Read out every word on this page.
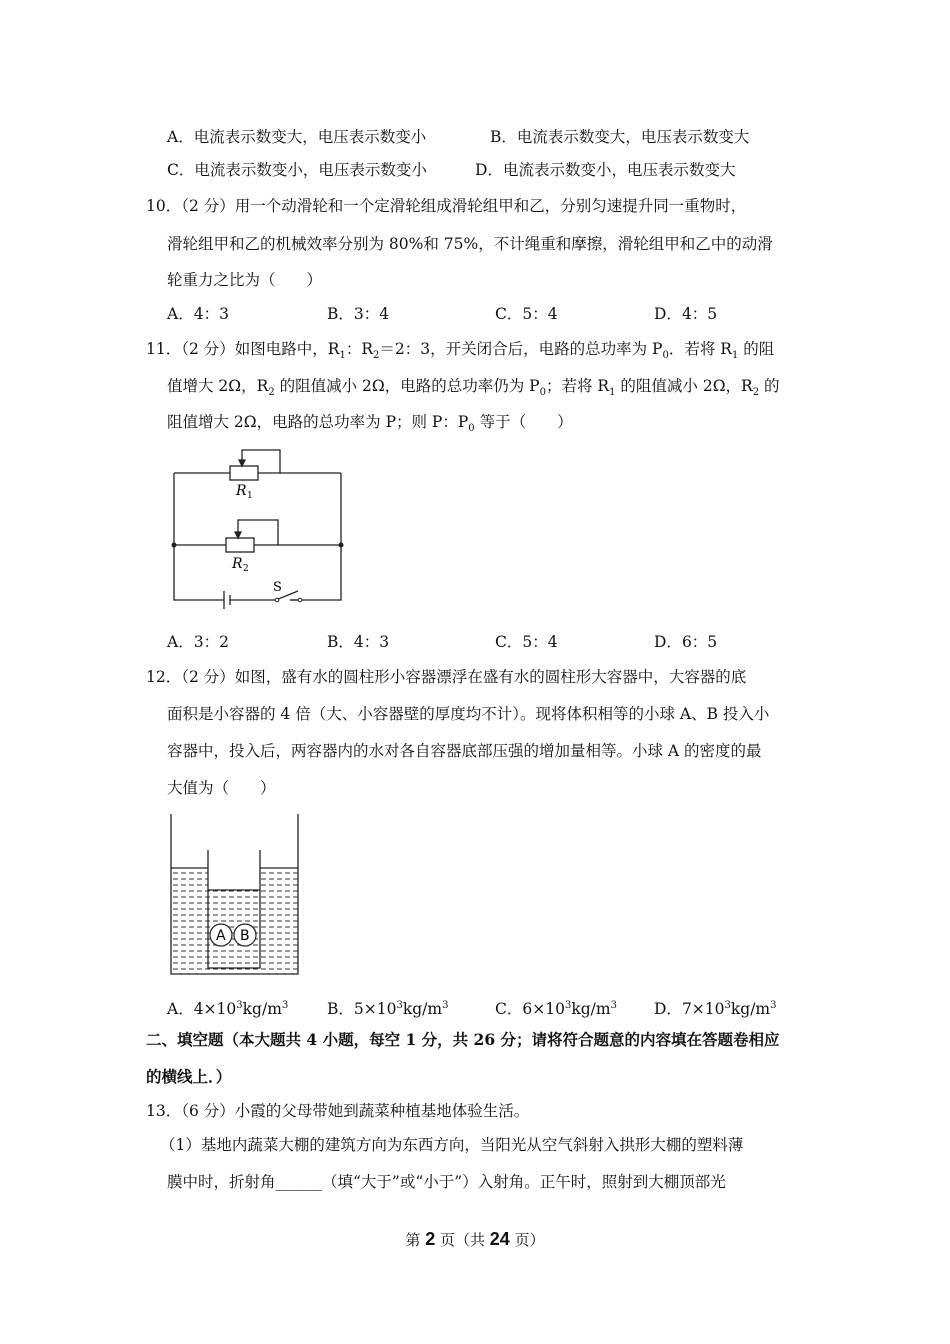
A．电流表示数变大，电压表示数变小	B．电流表示数变大，电压表示数变大
C．电流表示数变小，电压表示数变小	D．电流表示数变小，电压表示数变大
10．（2 分）用一个动滑轮和一个定滑轮组成滑轮组甲和乙，分别匀速提升同一重物时，
滑轮组甲和乙的机械效率分别为 80%和 75%，不计绳重和摩擦，滑轮组甲和乙中的动滑
轮重力之比为（　　）
A．4：3	B．3：4	C．5：4	D．4：5
11．（2 分）如图电路中，$R_1$：$R_2=2$：3，开关闭合后，电路的总功率为 $P_0$．若将 $R_1$ 的阻
值增大 2Ω，$R_2$ 的阻值减小 2Ω，电路的总功率仍为 $P_0$；若将 $R_1$ 的阻值减小 2Ω，$R_2$ 的
阻值增大 2Ω，电路的总功率为 P；则 P：$P_0$ 等于（　　）
R 1
R 2
S
A．3：2	B．4：3	C．5：4	D．6：5
12．（2 分）如图，盛有水的圆柱形小容器漂浮在盛有水的圆柱形大容器中，大容器的底
面积是小容器的 4 倍（大、小容器壁的厚度均不计）。现将体积相等的小球 A、B 投入小
容器中，投入后，两容器内的水对各自容器底部压强的增加量相等。小球 A 的密度的最
大值为（　　）
A B
A．$4\times 10^3kg/m^3$ B．$5\times 10^3kg/m^3$	C．$6\times 10^3kg/m^3$ D．$7\times 10^3kg/m^3$
二、填空题（本大题共 4 小题，每空 1 分，共 26 分；请将符合题意的内容填在答题卷相应
的横线上．）
13．（6 分）小霞的父母带她到蔬菜种植基地体验生活。
（1）基地内蔬菜大棚的建筑方向为东西方向，当阳光从空气斜射入拱形大棚的塑料薄
膜中时，折射角______（填“大于”或“小于”）入射角。正午时，照射到大棚顶部光
第 2 页（共 24 页）
